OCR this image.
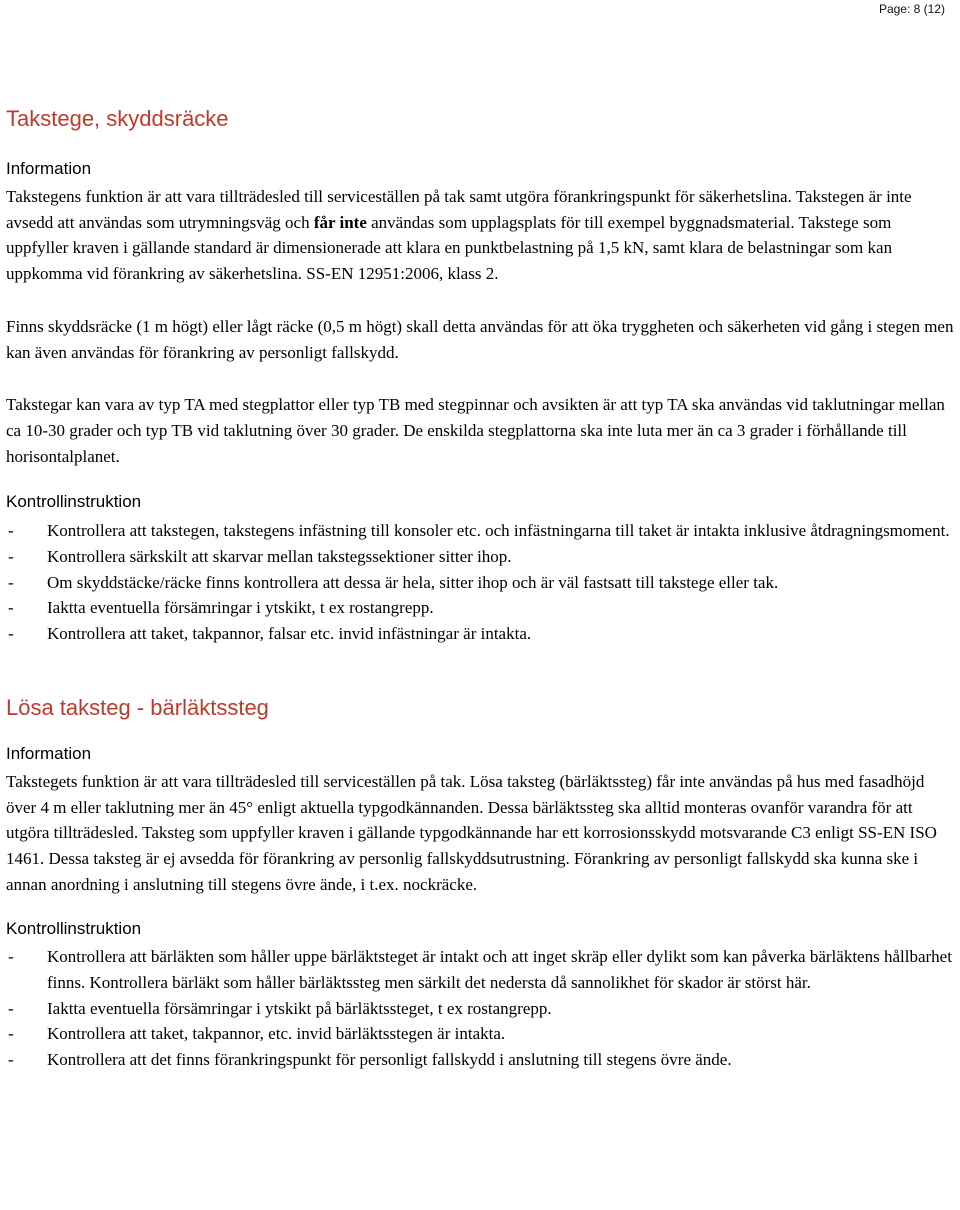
Page: 8 (12)
Takstege, skyddsräcke
Information

Takstegens funktion är att vara tillträdesled till serviceställen på tak samt utgöra förankringspunkt för säkerhetslina. Takstegen är inte avsedd att användas som utrymningsväg och får inte användas som upplagsplats för till exempel byggnadsmaterial. Takstege som uppfyller kraven i gällande standard är dimensionerade att klara en punktbelastning på 1,5 kN, samt klara de belastningar som kan uppkomma vid förankring av säkerhetslina. SS-EN 12951:2006, klass 2.

Finns skyddsräcke (1 m högt) eller lågt räcke (0,5 m högt) skall detta användas för att öka tryggheten och säkerheten vid gång i stegen men kan även användas för förankring av personligt fallskydd.

Takstegar kan vara av typ TA med stegplattor eller typ TB med stegpinnar och avsikten är att typ TA ska användas vid taklutningar mellan ca 10-30 grader och typ TB vid taklutning över 30 grader. De enskilda stegplattorna ska inte luta mer än ca 3 grader i förhållande till horisontalplanet.

Kontrollinstruktion
- Kontrollera att takstegen, takstegens infästning till konsoler etc. och infästningarna till taket är intakta inklusive åtdragningsmoment.
- Kontrollera särkskilt att skarvar mellan takstegssektioner sitter ihop.
- Om skyddstäcke/räcke finns kontrollera att dessa är hela, sitter ihop och är väl fastsatt till takstege eller tak.
- Iaktta eventuella försämringar i ytskikt, t ex rostangrepp.
- Kontrollera att taket, takpannor, falsar etc. invid infästningar är intakta.
Lösa taksteg - bärläktssteg
Information

Takstegets funktion är att vara tillträdesled till serviceställen på tak. Lösa taksteg (bärläktssteg) får inte användas på hus med fasadhöjd över 4 m eller taklutning mer än 45° enligt aktuella typgodkännanden. Dessa bärläktssteg ska alltid monteras ovanför varandra för att utgöra tillträdesled. Taksteg som uppfyller kraven i gällande typgodkännande har ett korrosionsskydd motsvarande C3 enligt SS-EN ISO 1461. Dessa taksteg är ej avsedda för förankring av personlig fallskyddsutrustning. Förankring av personligt fallskydd ska kunna ske i annan anordning i anslutning till stegens övre ände, i t.ex. nockräcke.

Kontrollinstruktion
- Kontrollera att bärläkten som håller uppe bärläktsteget är intakt och att inget skräp eller dylikt som kan påverka bärläktens hållbarhet finns. Kontrollera bärläkt som håller bärläktssteg men särkilt det nedersta då sannolikhet för skador är störst här.
- Iaktta eventuella försämringar i ytskikt på bärläktssteget, t ex rostangrepp.
- Kontrollera att taket, takpannor, etc. invid bärläktsstegen är intakta.
- Kontrollera att det finns förankringspunkt för personligt fallskydd i anslutning till stegens övre ände.
